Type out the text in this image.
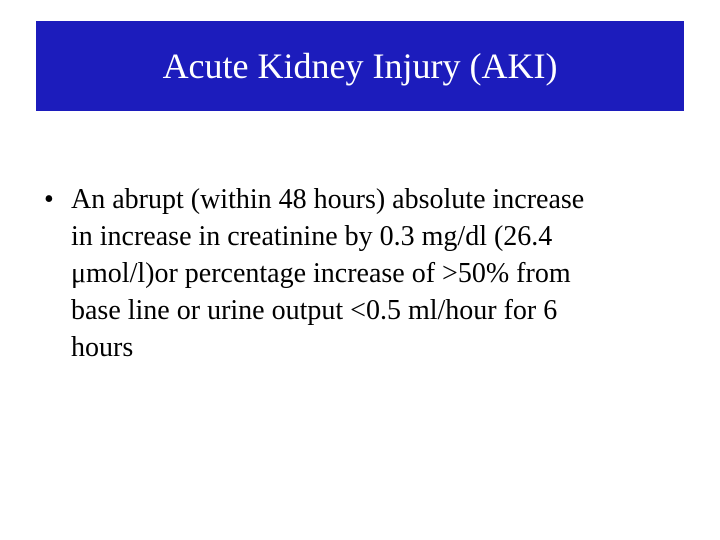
Acute Kidney Injury (AKI)
• An abrupt (within 48 hours) absolute increase
in increase in creatinine by 0.3 mg/dl (26.4
μmol/l)or percentage increase of >50% from
base line or urine output <0.5 ml/hour for 6
hours
